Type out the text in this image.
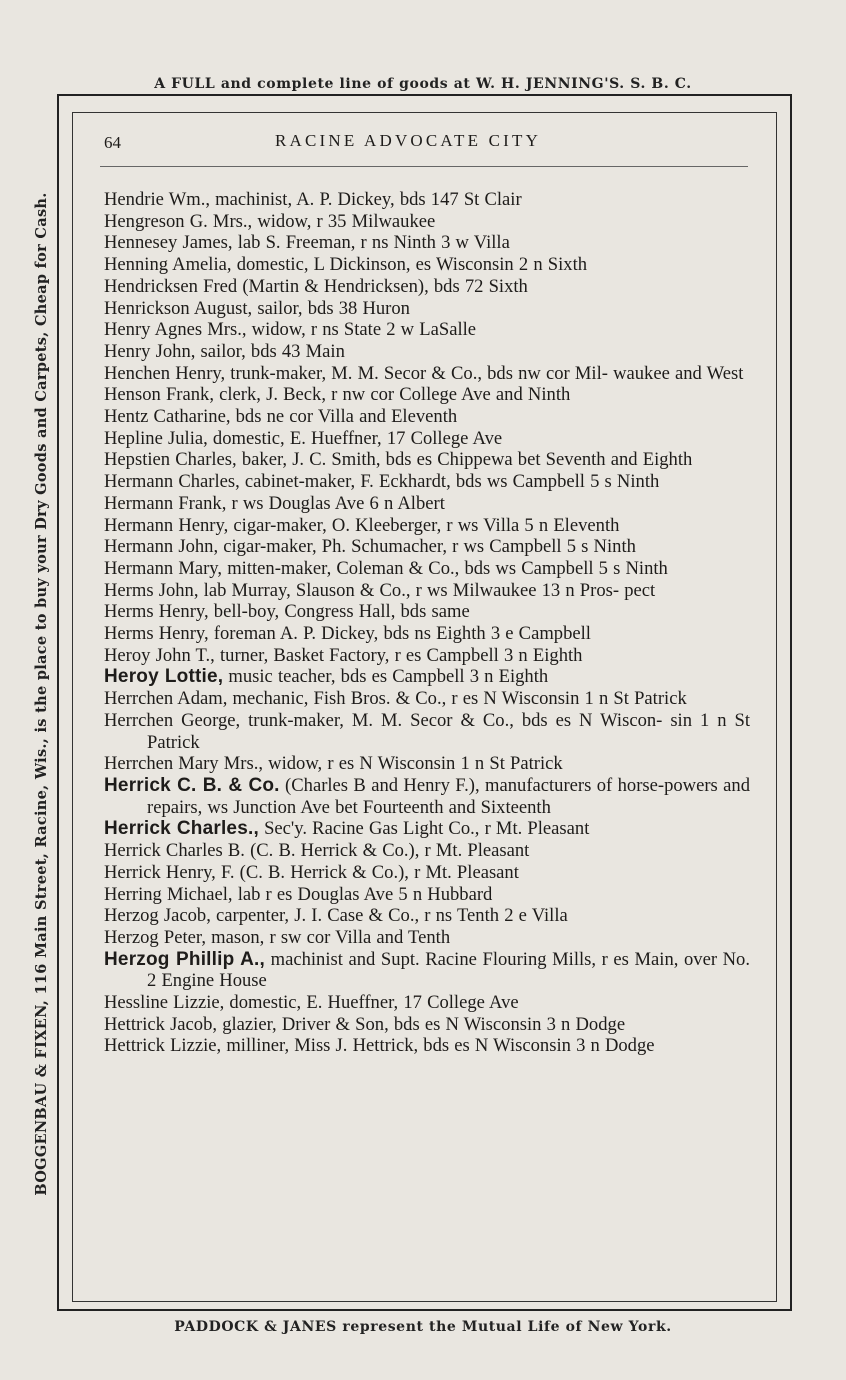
A FULL and complete line of goods at W. H. JENNING'S. S. B. C.
BOGGENBAU & FIXEN, 116 Main Street, Racine, Wis., is the place to buy your Dry Goods and Carpets, Cheap for Cash.
64	RACINE ADVOCATE CITY
Hendrie Wm., machinist, A. P. Dickey, bds 147 St Clair
Hengreson G. Mrs., widow, r 35 Milwaukee
Hennesey James, lab S. Freeman, r ns Ninth 3 w Villa
Henning Amelia, domestic, L Dickinson, es Wisconsin 2 n Sixth
Hendricksen Fred (Martin & Hendricksen), bds 72 Sixth
Henrickson August, sailor, bds 38 Huron
Henry Agnes Mrs., widow, r ns State 2 w LaSalle
Henry John, sailor, bds 43 Main
Henchen Henry, trunk-maker, M. M. Secor & Co., bds nw cor Mil- waukee and West
Henson Frank, clerk, J. Beck, r nw cor College Ave and Ninth
Hentz Catharine, bds ne cor Villa and Eleventh
Hepline Julia, domestic, E. Hueffner, 17 College Ave
Hepstien Charles, baker, J. C. Smith, bds es Chippewa bet Seventh and Eighth
Hermann Charles, cabinet-maker, F. Eckhardt, bds ws Campbell 5 s Ninth
Hermann Frank, r ws Douglas Ave 6 n Albert
Hermann Henry, cigar-maker, O. Kleeberger, r ws Villa 5 n Eleventh
Hermann John, cigar-maker, Ph. Schumacher, r ws Campbell 5 s Ninth
Hermann Mary, mitten-maker, Coleman & Co., bds ws Campbell 5 s Ninth
Herms John, lab Murray, Slauson & Co., r ws Milwaukee 13 n Pros- pect
Herms Henry, bell-boy, Congress Hall, bds same
Herms Henry, foreman A. P. Dickey, bds ns Eighth 3 e Campbell
Heroy John T., turner, Basket Factory, r es Campbell 3 n Eighth
Heroy Lottie, music teacher, bds es Campbell 3 n Eighth
Herrchen Adam, mechanic, Fish Bros. & Co., r es N Wisconsin 1 n St Patrick
Herrchen George, trunk-maker, M. M. Secor & Co., bds es N Wiscon- sin 1 n St Patrick
Herrchen Mary Mrs., widow, r es N Wisconsin 1 n St Patrick
Herrick C. B. & Co. (Charles B and Henry F.), manufacturers of horse-powers and repairs, ws Junction Ave bet Fourteenth and Sixteenth
Herrick Charles., Sec'y. Racine Gas Light Co., r Mt. Pleasant
Herrick Charles B. (C. B. Herrick & Co.), r Mt. Pleasant
Herrick Henry, F. (C. B. Herrick & Co.), r Mt. Pleasant
Herring Michael, lab r es Douglas Ave 5 n Hubbard
Herzog Jacob, carpenter, J. I. Case & Co., r ns Tenth 2 e Villa
Herzog Peter, mason, r sw cor Villa and Tenth
Herzog Phillip A., machinist and Supt. Racine Flouring Mills, r es Main, over No. 2 Engine House
Hessline Lizzie, domestic, E. Hueffner, 17 College Ave
Hettrick Jacob, glazier, Driver & Son, bds es N Wisconsin 3 n Dodge
Hettrick Lizzie, milliner, Miss J. Hettrick, bds es N Wisconsin 3 n Dodge
PADDOCK & JANES represent the Mutual Life of New York.
